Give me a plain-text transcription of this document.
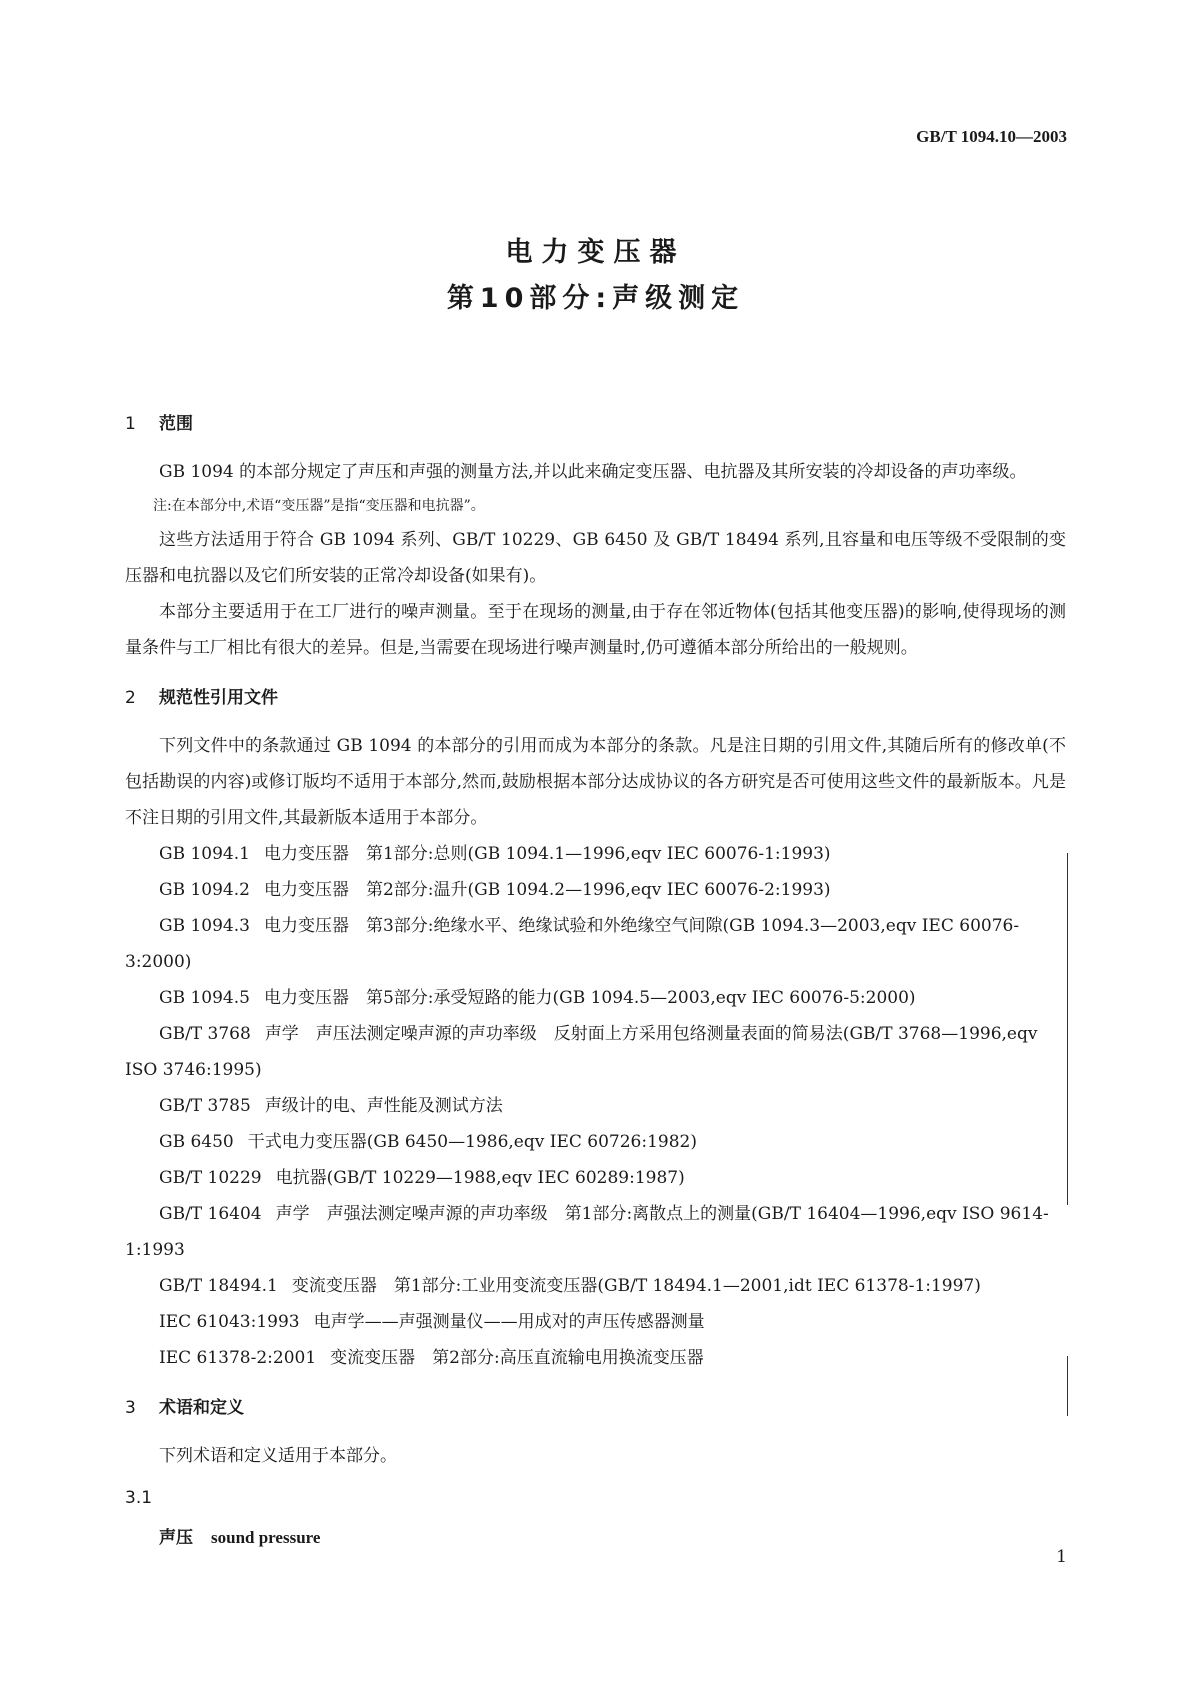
GB/T 1094.10—2003
电力变压器
第10部分:声级测定
1 范围

GB 1094 的本部分规定了声压和声强的测量方法,并以此来确定变压器、电抗器及其所安装的冷却设备的声功率级。

注:在本部分中,术语“变压器”是指“变压器和电抗器”。

这些方法适用于符合 GB 1094 系列、GB/T 10229、GB 6450 及 GB/T 18494 系列,且容量和电压等级不受限制的变压器和电抗器以及它们所安装的正常冷却设备(如果有)。

本部分主要适用于在工厂进行的噪声测量。至于在现场的测量,由于存在邻近物体(包括其他变压器)的影响,使得现场的测量条件与工厂相比有很大的差异。但是,当需要在现场进行噪声测量时,仍可遵循本部分所给出的一般规则。

2 规范性引用文件

下列文件中的条款通过 GB 1094 的本部分的引用而成为本部分的条款。凡是注日期的引用文件,其随后所有的修改单(不包括勘误的内容)或修订版均不适用于本部分,然而,鼓励根据本部分达成协议的各方研究是否可使用这些文件的最新版本。凡是不注日期的引用文件,其最新版本适用于本部分。

GB 1094.1 电力变压器　第1部分:总则(GB 1094.1—1996,eqv IEC 60076-1:1993)
GB 1094.2 电力变压器　第2部分:温升(GB 1094.2—1996,eqv IEC 60076-2:1993)
GB 1094.3 电力变压器　第3部分:绝缘水平、绝缘试验和外绝缘空气间隙(GB 1094.3—2003,eqv IEC 60076-3:2000)
GB 1094.5 电力变压器　第5部分:承受短路的能力(GB 1094.5—2003,eqv IEC 60076-5:2000)
GB/T 3768 声学　声压法测定噪声源的声功率级　反射面上方采用包络测量表面的简易法(GB/T 3768—1996,eqv ISO 3746:1995)
GB/T 3785 声级计的电、声性能及测试方法
GB 6450 干式电力变压器(GB 6450—1986,eqv IEC 60726:1982)
GB/T 10229 电抗器(GB/T 10229—1988,eqv IEC 60289:1987)
GB/T 16404 声学　声强法测定噪声源的声功率级　第1部分:离散点上的测量(GB/T 16404—1996,eqv ISO 9614-1:1993
GB/T 18494.1 变流变压器　第1部分:工业用变流变压器(GB/T 18494.1—2001,idt IEC 61378-1:1997)
IEC 61043:1993 电声学——声强测量仪——用成对的声压传感器测量
IEC 61378-2:2001 变流变压器　第2部分:高压直流输电用换流变压器
3 术语和定义

下列术语和定义适用于本部分。

3.1
声压 sound pressure
1
